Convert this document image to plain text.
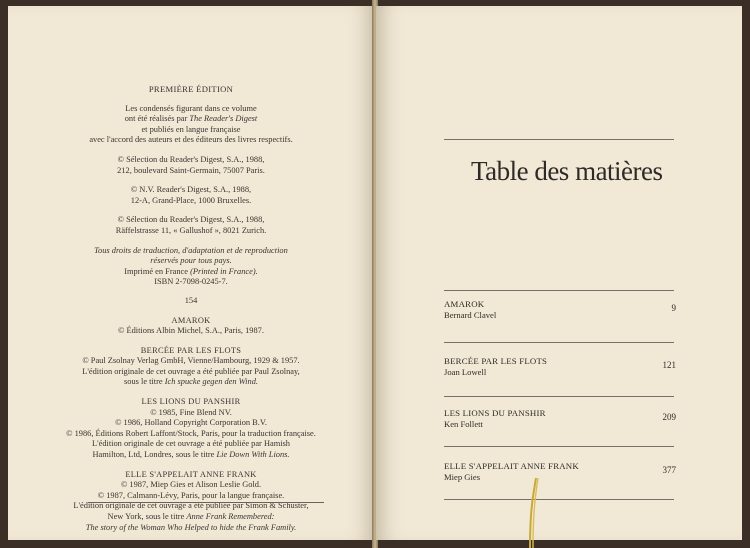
PREMIÈRE ÉDITION
Les condensés figurant dans ce volume
ont été réalisés par The Reader's Digest
et publiés en langue française
avec l'accord des auteurs et des éditeurs des livres respectifs.
© Sélection du Reader's Digest, S.A., 1988,
212, boulevard Saint-Germain, 75007 Paris.
© N.V. Reader's Digest, S.A., 1988,
12-A, Grand-Place, 1000 Bruxelles.
© Sélection du Reader's Digest, S.A., 1988,
Räffelstrasse 11, « Gallushof », 8021 Zurich.
Tous droits de traduction, d'adaptation et de reproduction
réservés pour tous pays.
Imprimé en France (Printed in France).
ISBN 2-7098-0245-7.
154
AMAROK
© Éditions Albin Michel, S.A., Paris, 1987.
BERCÉE PAR LES FLOTS
© Paul Zsolnay Verlag GmbH, Vienne/Hambourg, 1929 & 1957.
L'édition originale de cet ouvrage a été publiée par Paul Zsolnay,
sous le titre Ich spucke gegen den Wind.
LES LIONS DU PANSHIR
© 1985, Fine Blend NV.
© 1986, Holland Copyright Corporation B.V.
© 1986, Éditions Robert Laffont/Stock, Paris, pour la traduction française.
L'édition originale de cet ouvrage a été publiée par Hamish
Hamilton, Ltd, Londres, sous le titre Lie Down With Lions.
ELLE S'APPELAIT ANNE FRANK
© 1987, Miep Gies et Alison Leslie Gold.
© 1987, Calmann-Lévy, Paris, pour la langue française.
L'édition originale de cet ouvrage a été publiée par Simon & Schuster,
New York, sous le titre Anne Frank Remembered:
The story of the Woman Who Helped to hide the Frank Family.
Table des matières
AMAROK
Bernard Clavel
9
BERCÉE PAR LES FLOTS
Joan Lowell
121
LES LIONS DU PANSHIR
Ken Follett
209
ELLE S'APPELAIT ANNE FRANK
Miep Gies
377
